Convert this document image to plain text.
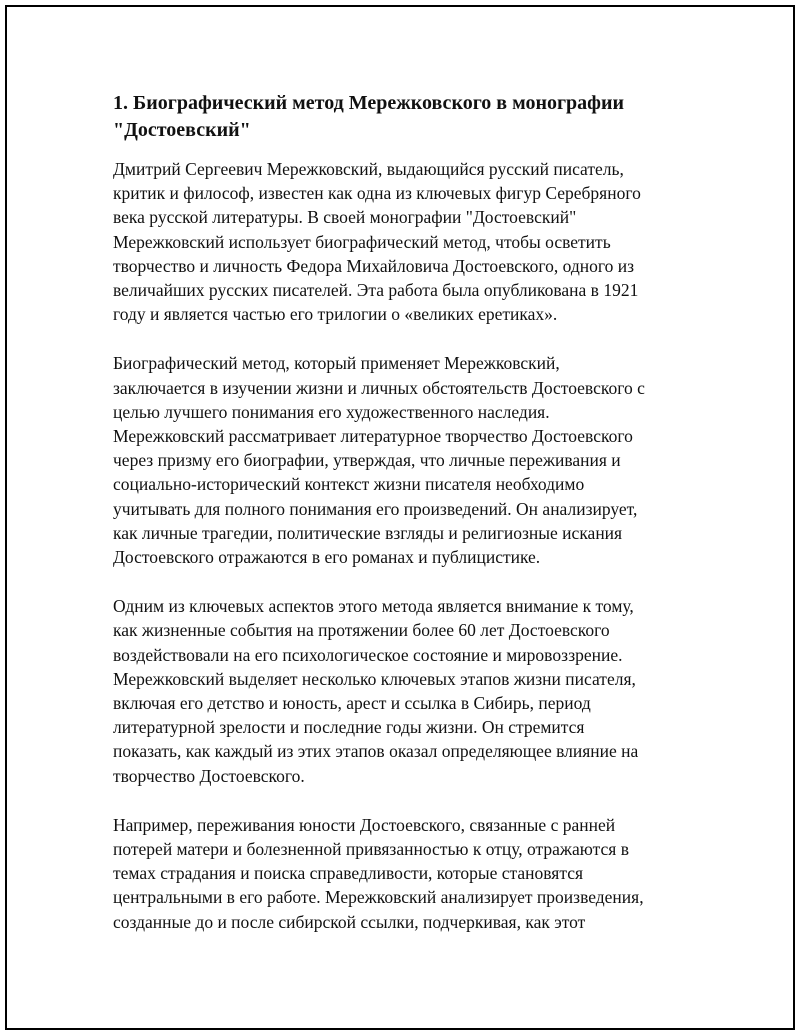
1. Биографический метод Мережковского в монографии
"Достоевский"

Дмитрий Сергеевич Мережковский, выдающийся русский писатель,
критик и философ, известен как одна из ключевых фигур Серебряного
века русской литературы. В своей монографии "Достоевский"
Мережковский использует биографический метод, чтобы осветить
творчество и личность Федора Михайловича Достоевского, одного из
величайших русских писателей. Эта работа была опубликована в 1921
году и является частью его трилогии о «великих еретиках».

Биографический метод, который применяет Мережковский,
заключается в изучении жизни и личных обстоятельств Достоевского с
целью лучшего понимания его художественного наследия.
Мережковский рассматривает литературное творчество Достоевского
через призму его биографии, утверждая, что личные переживания и
социально-исторический контекст жизни писателя необходимо
учитывать для полного понимания его произведений. Он анализирует,
как личные трагедии, политические взгляды и религиозные искания
Достоевского отражаются в его романах и публицистике.

Одним из ключевых аспектов этого метода является внимание к тому,
как жизненные события на протяжении более 60 лет Достоевского
воздействовали на его психологическое состояние и мировоззрение.
Мережковский выделяет несколько ключевых этапов жизни писателя,
включая его детство и юность, арест и ссылка в Сибирь, период
литературной зрелости и последние годы жизни. Он стремится
показать, как каждый из этих этапов оказал определяющее влияние на
творчество Достоевского.

Например, переживания юности Достоевского, связанные с ранней
потерей матери и болезненной привязанностью к отцу, отражаются в
темах страдания и поиска справедливости, которые становятся
центральными в его работе. Мережковский анализирует произведения,
созданные до и после сибирской ссылки, подчеркивая, как этот
